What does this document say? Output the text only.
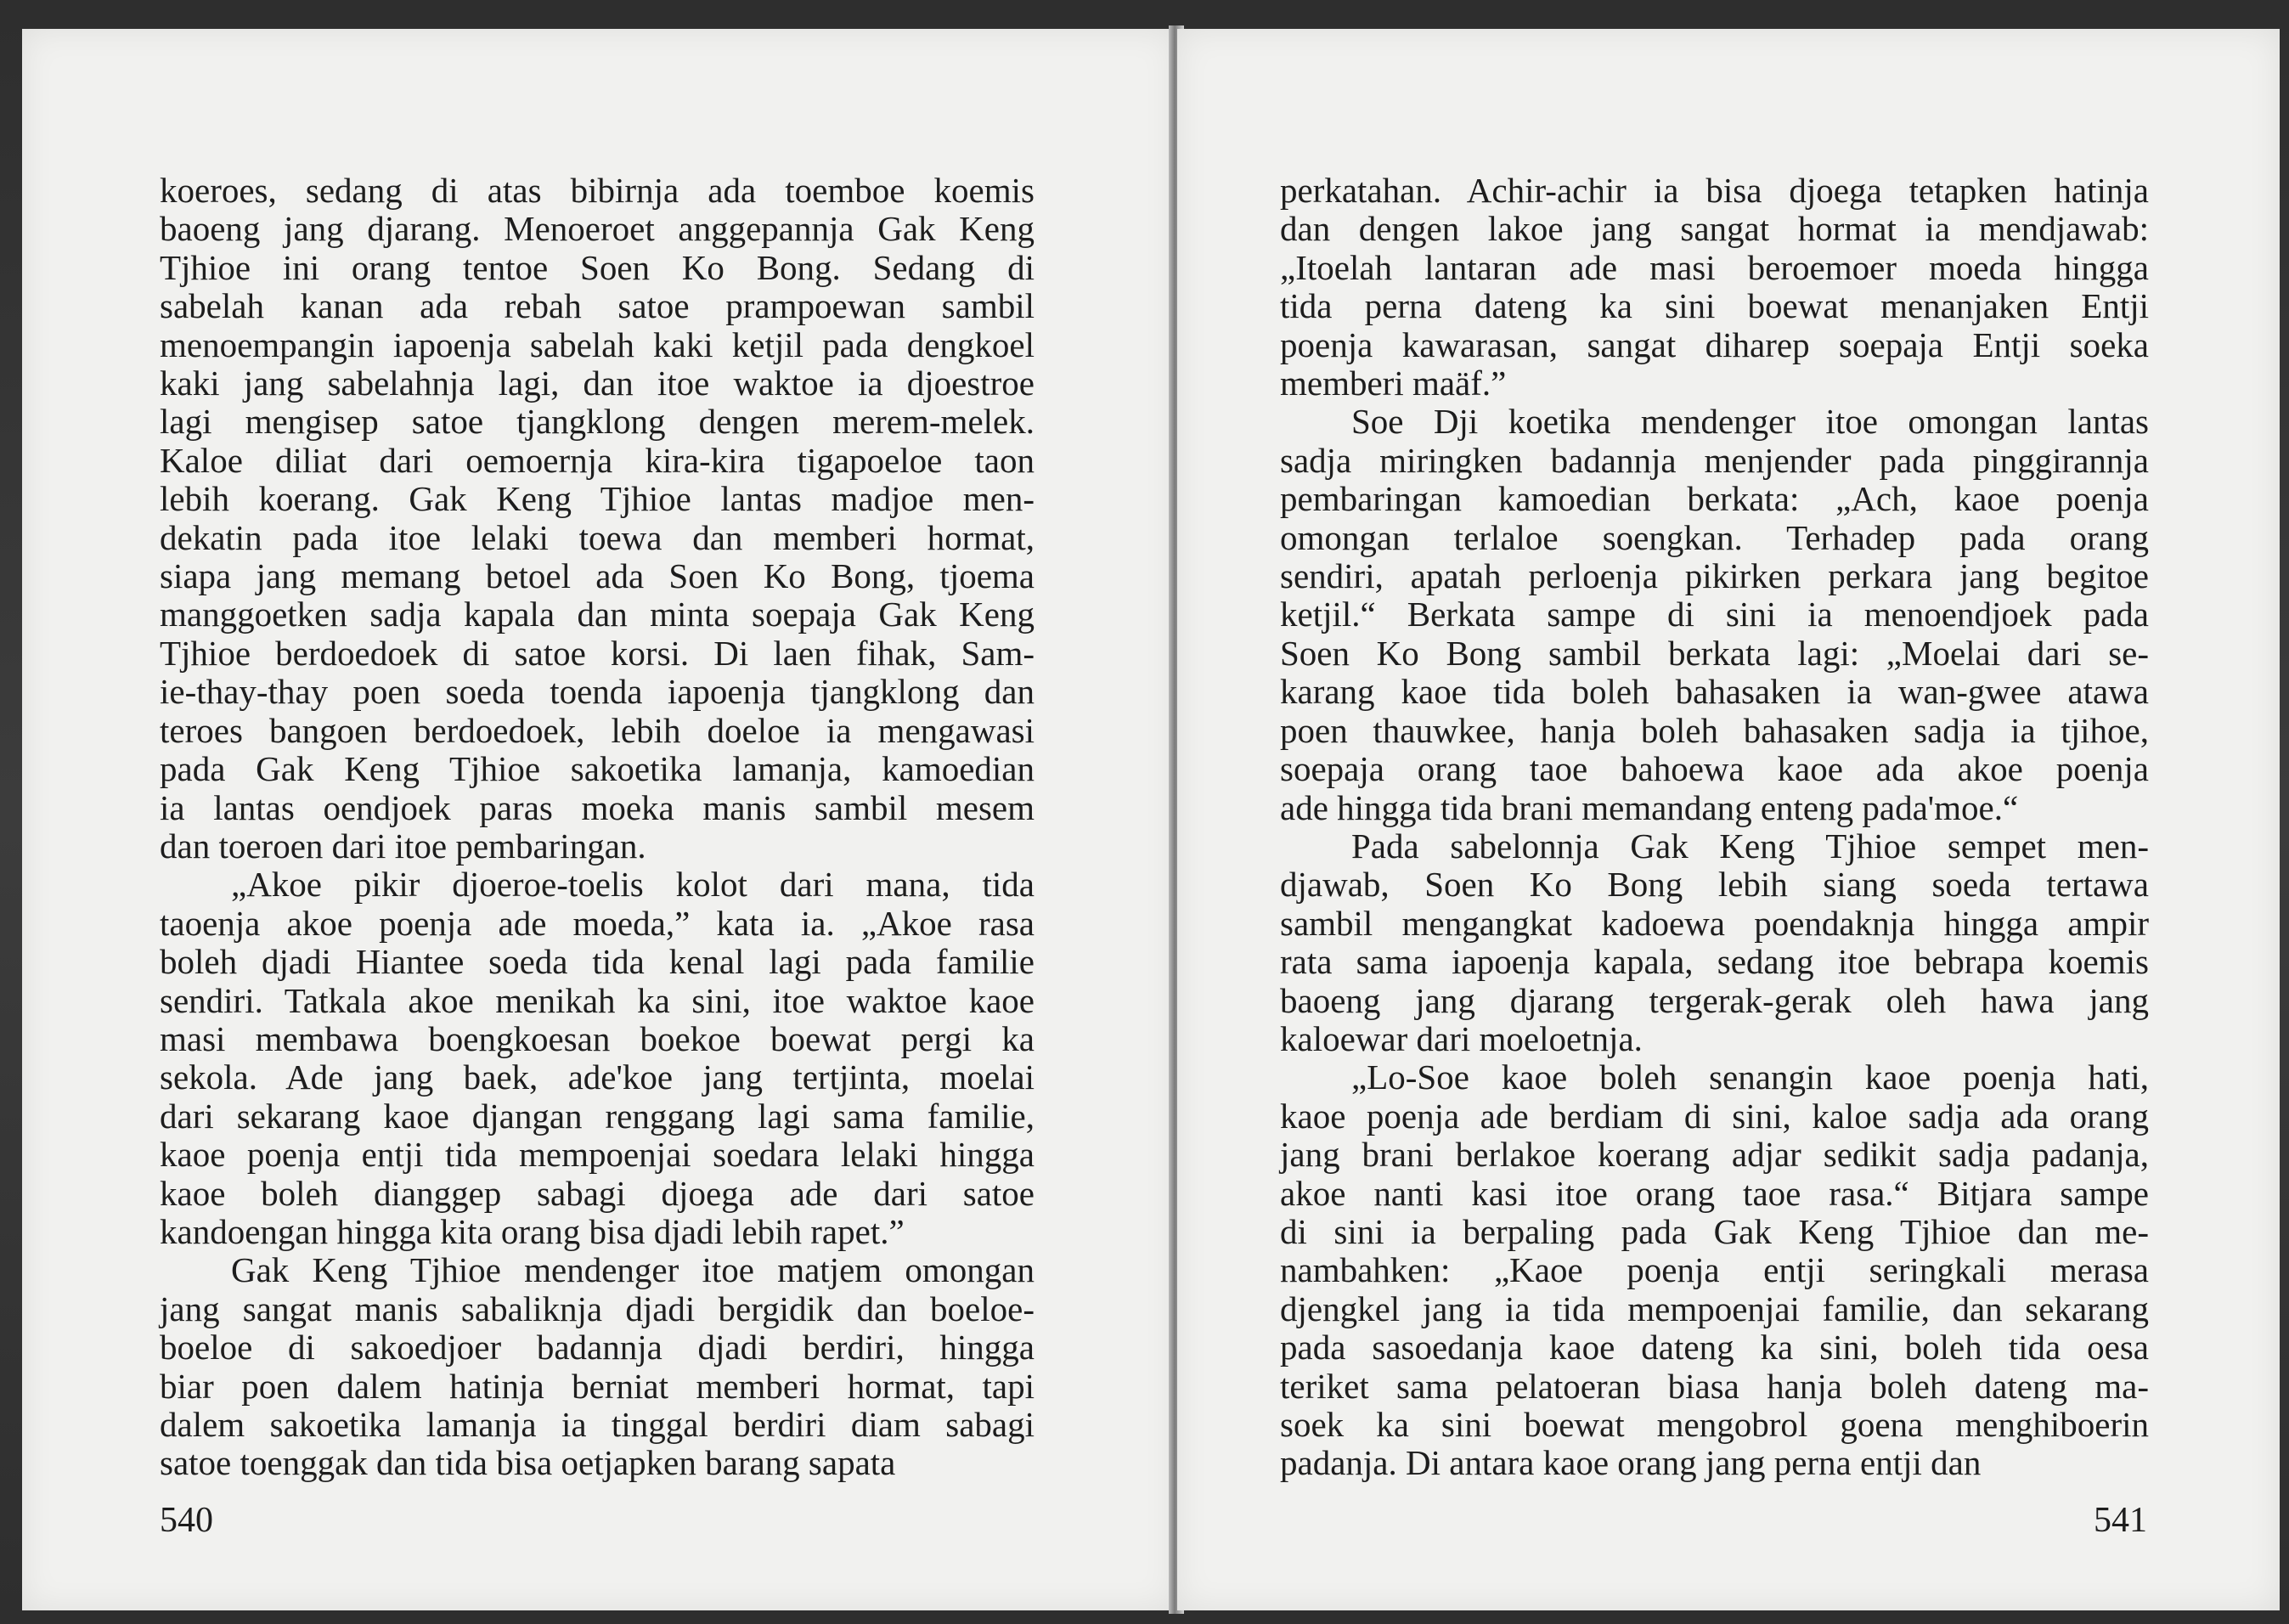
koeroes, sedang di atas bibirnja ada toemboe koemis
baoeng jang djarang. Menoeroet anggepannja Gak Keng
Tjhioe ini orang tentoe Soen Ko Bong. Sedang di
sabelah kanan ada rebah satoe prampoewan sambil
menoempangin iapoenja sabelah kaki ketjil pada dengkoel
kaki jang sabelahnja lagi, dan itoe waktoe ia djoestroe
lagi mengisep satoe tjangklong dengen merem-melek.
Kaloe diliat dari oemoernja kira-kira tigapoeloe taon
lebih koerang. Gak Keng Tjhioe lantas madjoe men-
dekatin pada itoe lelaki toewa dan memberi hormat,
siapa jang memang betoel ada Soen Ko Bong, tjoema
manggoetken sadja kapala dan minta soepaja Gak Keng
Tjhioe berdoedoek di satoe korsi. Di laen fihak, Sam-
ie-thay-thay poen soeda toenda iapoenja tjangklong dan
teroes bangoen berdoedoek, lebih doeloe ia mengawasi
pada Gak Keng Tjhioe sakoetika lamanja, kamoedian
ia lantas oendjoek paras moeka manis sambil mesem
dan toeroen dari itoe pembaringan.
„Akoe pikir djoeroe-toelis kolot dari mana, tida
taoenja akoe poenja ade moeda,” kata ia. „Akoe rasa
boleh djadi Hiantee soeda tida kenal lagi pada familie
sendiri. Tatkala akoe menikah ka sini, itoe waktoe kaoe
masi membawa boengkoesan boekoe boewat pergi ka
sekola. Ade jang baek, ade'koe jang tertjinta, moelai
dari sekarang kaoe djangan renggang lagi sama familie,
kaoe poenja entji tida mempoenjai soedara lelaki hingga
kaoe boleh dianggep sabagi djoega ade dari satoe
kandoengan hingga kita orang bisa djadi lebih rapet.”
Gak Keng Tjhioe mendenger itoe matjem omongan
jang sangat manis sabaliknja djadi bergidik dan boeloe-
boeloe di sakoedjoer badannja djadi berdiri, hingga
biar poen dalem hatinja berniat memberi hormat, tapi
dalem sakoetika lamanja ia tinggal berdiri diam sabagi
satoe toenggak dan tida bisa oetjapken barang sapata
540
perkatahan. Achir-achir ia bisa djoega tetapken hatinja
dan dengen lakoe jang sangat hormat ia mendjawab:
„Itoelah lantaran ade masi beroemoer moeda hingga
tida perna dateng ka sini boewat menanjaken Entji
poenja kawarasan, sangat diharep soepaja Entji soeka
memberi maäf.”
Soe Dji koetika mendenger itoe omongan lantas
sadja miringken badannja menjender pada pinggirannja
pembaringan kamoedian berkata: „Ach, kaoe poenja
omongan terlaloe soengkan. Terhadep pada orang
sendiri, apatah perloenja pikirken perkara jang begitoe
ketjil.“ Berkata sampe di sini ia menoendjoek pada
Soen Ko Bong sambil berkata lagi: „Moelai dari se-
karang kaoe tida boleh bahasaken ia wan-gwee atawa
poen thauwkee, hanja boleh bahasaken sadja ia tjihoe,
soepaja orang taoe bahoewa kaoe ada akoe poenja
ade hingga tida brani memandang enteng pada'moe.“
Pada sabelonnja Gak Keng Tjhioe sempet men-
djawab, Soen Ko Bong lebih siang soeda tertawa
sambil mengangkat kadoewa poendaknja hingga ampir
rata sama iapoenja kapala, sedang itoe bebrapa koemis
baoeng jang djarang tergerak-gerak oleh hawa jang
kaloewar dari moeloetnja.
„Lo-Soe kaoe boleh senangin kaoe poenja hati,
kaoe poenja ade berdiam di sini, kaloe sadja ada orang
jang brani berlakoe koerang adjar sedikit sadja padanja,
akoe nanti kasi itoe orang taoe rasa.“ Bitjara sampe
di sini ia berpaling pada Gak Keng Tjhioe dan me-
nambahken: „Kaoe poenja entji seringkali merasa
djengkel jang ia tida mempoenjai familie, dan sekarang
pada sasoedanja kaoe dateng ka sini, boleh tida oesa
teriket sama pelatoeran biasa hanja boleh dateng ma-
soek ka sini boewat mengobrol goena menghiboerin
padanja. Di antara kaoe orang jang perna entji dan
541
